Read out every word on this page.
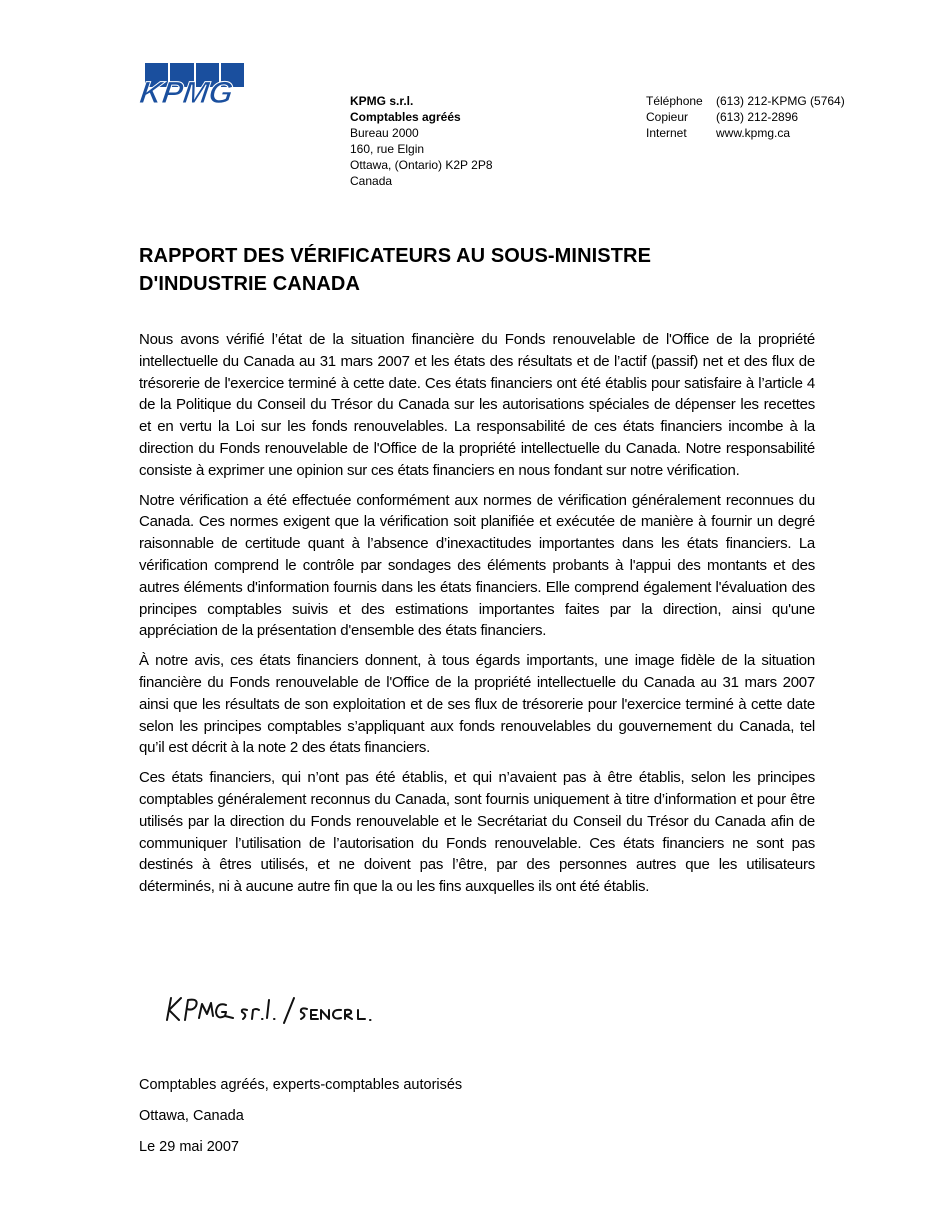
KPMG	KPMG s.r.l.
Comptables agréés
Bureau 2000
160, rue Elgin
Ottawa, (Ontario) K2P 2P8
Canada
Téléphone	(613) 212-KPMG (5764)
Copieur	(613) 212-2896
Internet	www.kpmg.ca
RAPPORT DES VÉRIFICATEURS AU SOUS-MINISTRE
D'INDUSTRIE CANADA

Nous avons vérifié l’état de la situation financière du Fonds renouvelable de l'Office de la propriété intellectuelle du Canada au 31 mars 2007 et les états des résultats et de l’actif (passif) net et des flux de trésorerie de l'exercice terminé à cette date. Ces états financiers ont été établis pour satisfaire à l’article 4 de la Politique du Conseil du Trésor du Canada sur les autorisations spéciales de dépenser les recettes et en vertu la Loi sur les fonds renouvelables. La responsabilité de ces états financiers incombe à la direction du Fonds renouvelable de l'Office de la propriété intellectuelle du Canada. Notre responsabilité consiste à exprimer une opinion sur ces états financiers en nous fondant sur notre vérification.

Notre vérification a été effectuée conformément aux normes de vérification généralement reconnues du Canada. Ces normes exigent que la vérification soit planifiée et exécutée de manière à fournir un degré raisonnable de certitude quant à l’absence d’inexactitudes importantes dans les états financiers. La vérification comprend le contrôle par sondages des éléments probants à l'appui des montants et des autres éléments d'information fournis dans les états financiers. Elle comprend également l'évaluation des principes comptables suivis et des estimations importantes faites par la direction, ainsi qu'une appréciation de la présentation d'ensemble des états financiers.

À notre avis, ces états financiers donnent, à tous égards importants, une image fidèle de la situation financière du Fonds renouvelable de l'Office de la propriété intellectuelle du Canada au 31 mars 2007 ainsi que les résultats de son exploitation et de ses flux de trésorerie pour l'exercice terminé à cette date selon les principes comptables s’appliquant aux fonds renouvelables du gouvernement du Canada, tel qu’il est décrit à la note 2 des états financiers.

Ces états financiers, qui n’ont pas été établis, et qui n’avaient pas à être établis, selon les principes comptables généralement reconnus du Canada, sont fournis uniquement à titre d’information et pour être utilisés par la direction du Fonds renouvelable et le Secrétariat du Conseil du Trésor du Canada afin de communiquer l’utilisation de l’autorisation du Fonds renouvelable. Ces états financiers ne sont pas destinés à êtres utilisés, et ne doivent pas l’être, par des personnes autres que les utilisateurs déterminés, ni à aucune autre fin que la ou les fins auxquelles ils ont été établis.

Comptables agréés, experts-comptables autorisés
Ottawa, Canada
Le 29 mai 2007
